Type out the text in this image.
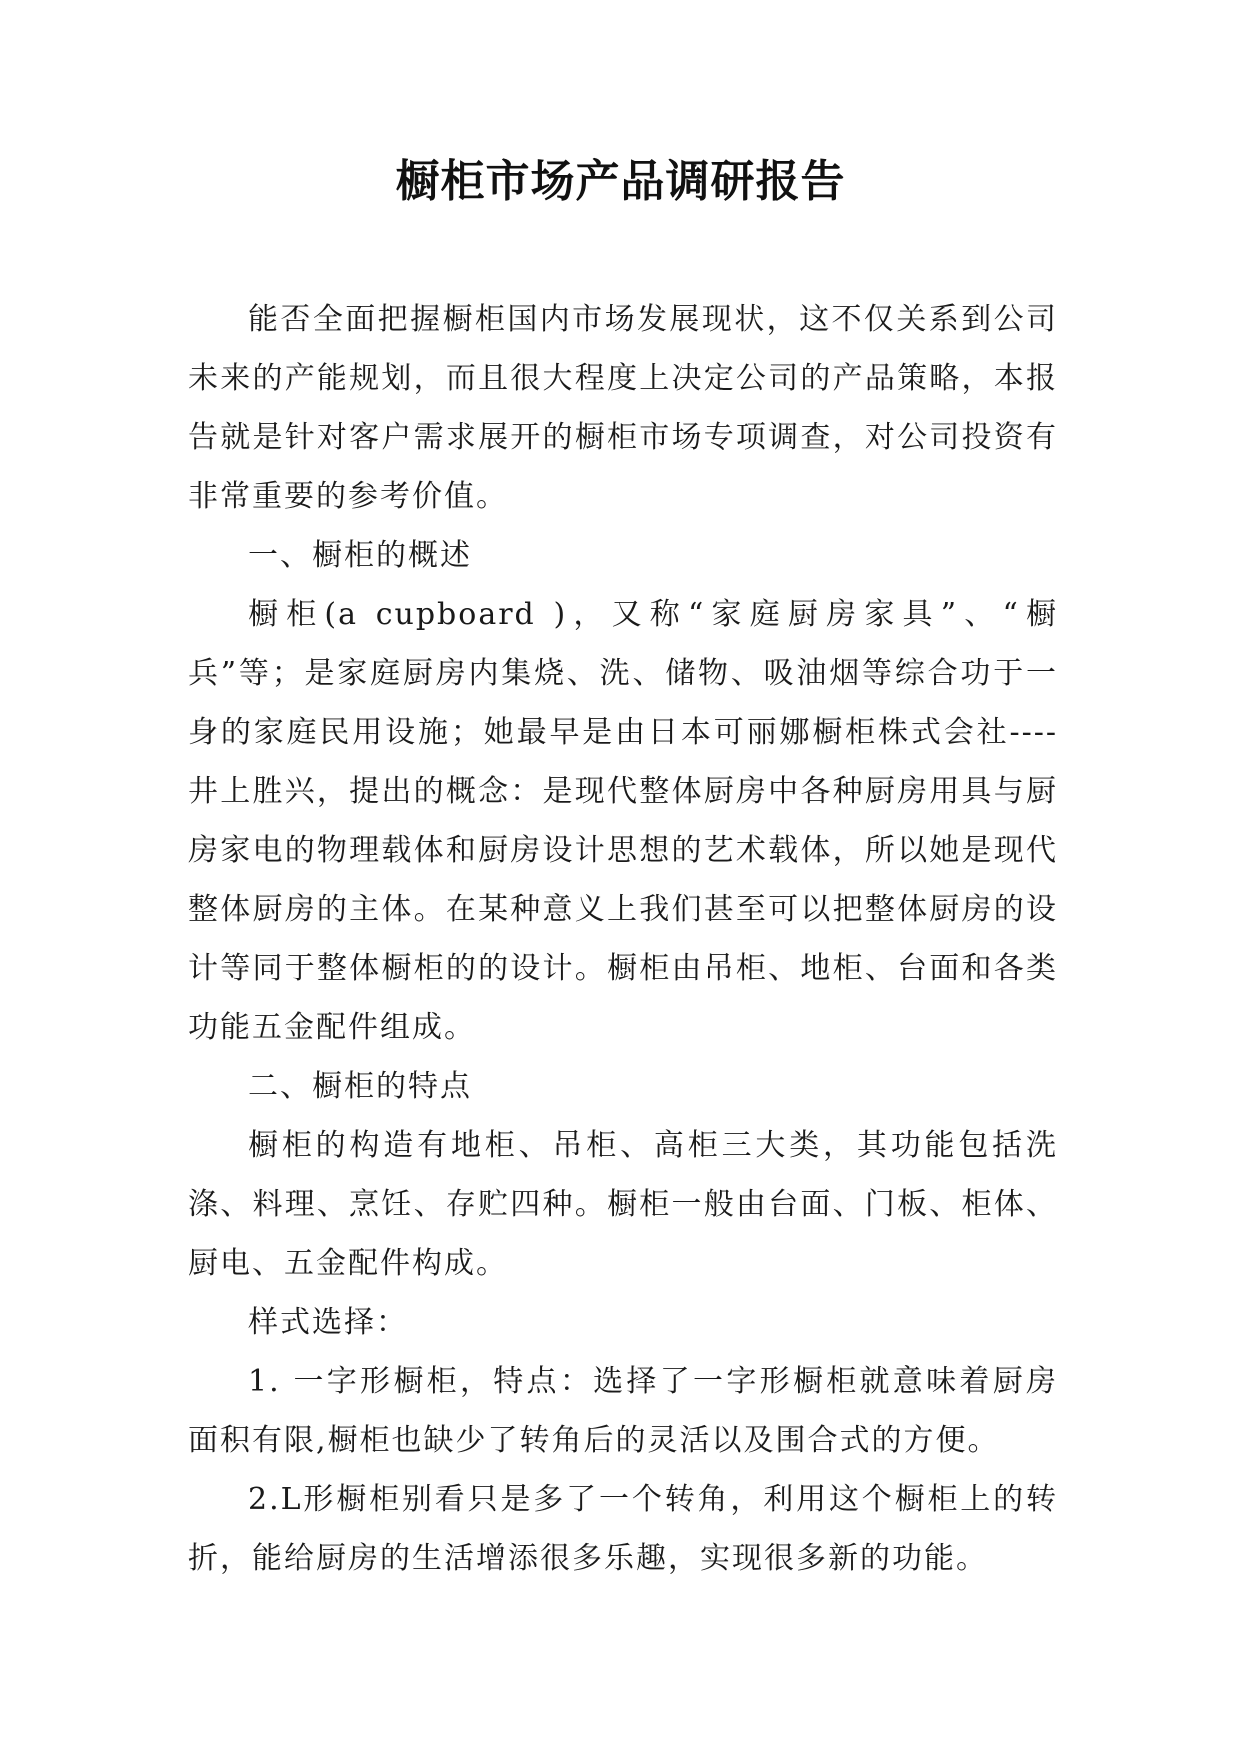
橱柜市场产品调研报告

能否全面把握橱柜国内市场发展现状，这不仅关系到公司未来的产能规划，而且很大程度上决定公司的产品策略，本报告就是针对客户需求展开的橱柜市场专项调查，对公司投资有非常重要的参考价值。

一、橱柜的概述

橱柜(a cupboard )，又称“家庭厨房家具”、“橱兵”等；是家庭厨房内集烧、洗、储物、吸油烟等综合功于一身的家庭民用设施；她最早是由日本可丽娜橱柜株式会社----井上胜兴，提出的概念：是现代整体厨房中各种厨房用具与厨房家电的物理载体和厨房设计思想的艺术载体，所以她是现代整体厨房的主体。在某种意义上我们甚至可以把整体厨房的设计等同于整体橱柜的的设计。橱柜由吊柜、地柜、台面和各类功能五金配件组成。

二、橱柜的特点

橱柜的构造有地柜、吊柜、高柜三大类，其功能包括洗涤、料理、烹饪、存贮四种。橱柜一般由台面、门板、柜体、厨电、五金配件构成。

样式选择：

1. 一字形橱柜，特点：选择了一字形橱柜就意味着厨房面积有限,橱柜也缺少了转角后的灵活以及围合式的方便。

2.L形橱柜别看只是多了一个转角，利用这个橱柜上的转折，能给厨房的生活增添很多乐趣，实现很多新的功能。
